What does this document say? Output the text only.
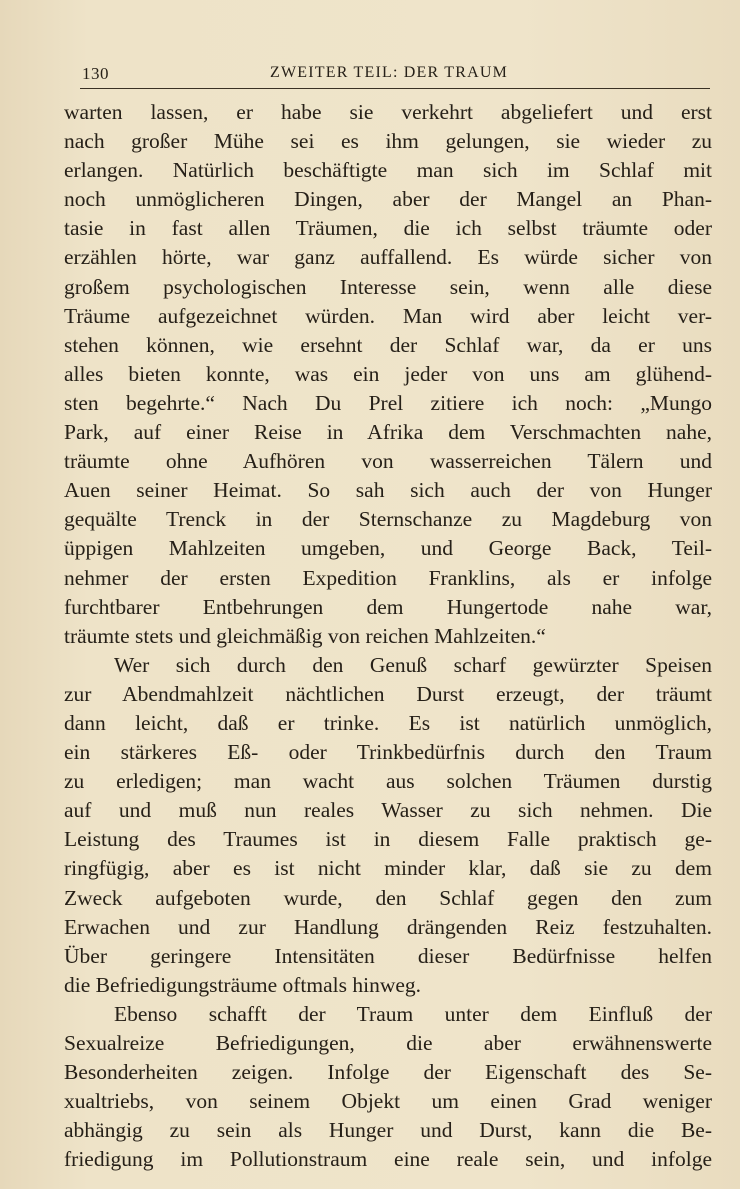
130	ZWEITER TEIL: DER TRAUM
warten lassen, er habe sie verkehrt abgeliefert und erst
nach großer Mühe sei es ihm gelungen, sie wieder zu
erlangen. Natürlich beschäftigte man sich im Schlaf mit
noch unmöglicheren Dingen, aber der Mangel an Phan-
tasie in fast allen Träumen, die ich selbst träumte oder
erzählen hörte, war ganz auffallend. Es würde sicher von
großem psychologischen Interesse sein, wenn alle diese
Träume aufgezeichnet würden. Man wird aber leicht ver-
stehen können, wie ersehnt der Schlaf war, da er uns
alles bieten konnte, was ein jeder von uns am glühend-
sten begehrte.“ Nach Du Prel zitiere ich noch: „Mungo
Park, auf einer Reise in Afrika dem Verschmachten nahe,
träumte ohne Aufhören von wasserreichen Tälern und
Auen seiner Heimat. So sah sich auch der von Hunger
gequälte Trenck in der Sternschanze zu Magdeburg von
üppigen Mahlzeiten umgeben, und George Back, Teil-
nehmer der ersten Expedition Franklins, als er infolge
furchtbarer Entbehrungen dem Hungertode nahe war,
träumte stets und gleichmäßig von reichen Mahlzeiten.“
Wer sich durch den Genuß scharf gewürzter Speisen
zur Abendmahlzeit nächtlichen Durst erzeugt, der träumt
dann leicht, daß er trinke. Es ist natürlich unmöglich,
ein stärkeres Eß- oder Trinkbedürfnis durch den Traum
zu erledigen; man wacht aus solchen Träumen durstig
auf und muß nun reales Wasser zu sich nehmen. Die
Leistung des Traumes ist in diesem Falle praktisch ge-
ringfügig, aber es ist nicht minder klar, daß sie zu dem
Zweck aufgeboten wurde, den Schlaf gegen den zum
Erwachen und zur Handlung drängenden Reiz festzuhalten.
Über geringere Intensitäten dieser Bedürfnisse helfen
die Befriedigungsträume oftmals hinweg.
Ebenso schafft der Traum unter dem Einfluß der
Sexualreize Befriedigungen, die aber erwähnenswerte
Besonderheiten zeigen. Infolge der Eigenschaft des Se-
xualtriebs, von seinem Objekt um einen Grad weniger
abhängig zu sein als Hunger und Durst, kann die Be-
friedigung im Pollutionstraum eine reale sein, und infolge
